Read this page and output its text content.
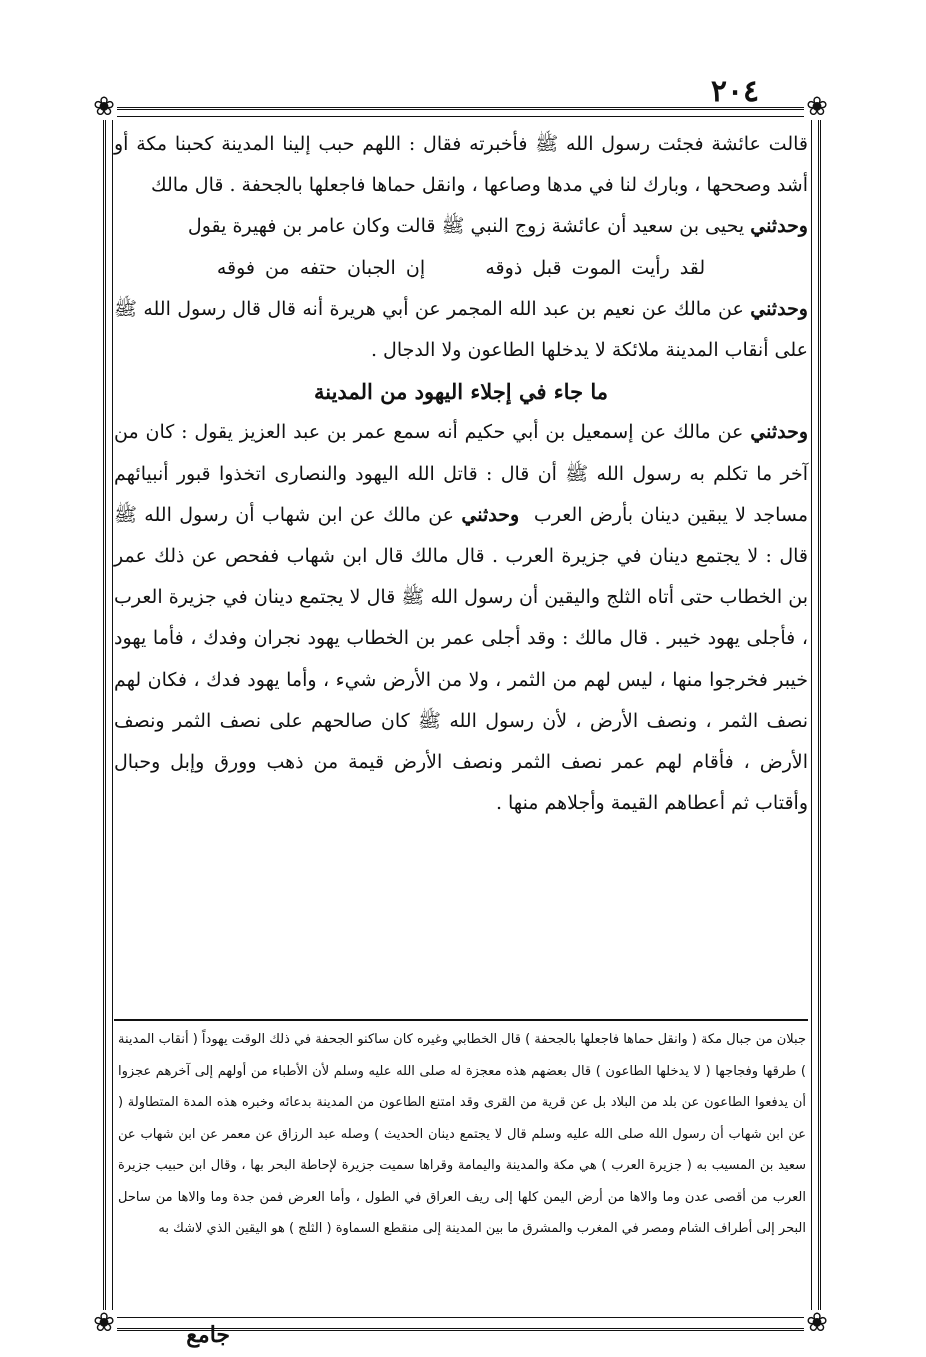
٢٠٤
❀	❀
❀	❀

قالت عائشة فجئت رسول الله ﷺ فأخبرته فقال : اللهم حبب إلينا المدينة كحبنا مكة أو أشد وصححها ، وبارك لنا في مدها وصاعها ، وانقل حماها فاجعلها بالجحفة . قال مالك

وحدثني يحيى بن سعيد أن عائشة زوج النبي ﷺ قالت وكان عامر بن فهيرة يقول

لقد رأيت الموت قبل ذوقه      إن الجبان حتفه من فوقه

وحدثني عن مالك عن نعيم بن عبد الله المجمر عن أبي هريرة أنه قال قال رسول الله ﷺ على أنقاب المدينة ملائكة لا يدخلها الطاعون ولا الدجال .

ما جاء في إجلاء اليهود من المدينة

وحدثني عن مالك عن إسمعيل بن أبي حكيم أنه سمع عمر بن عبد العزيز يقول : كان من آخر ما تكلم به رسول الله ﷺ أن قال : قاتل الله اليهود والنصارى اتخذوا قبور أنبيائهم مساجد لا يبقين دينان بأرض العرب  وحدثني عن مالك عن ابن شهاب أن رسول الله ﷺ قال : لا يجتمع دينان في جزيرة العرب . قال مالك قال ابن شهاب ففحص عن ذلك عمر بن الخطاب حتى أتاه الثلج واليقين أن رسول الله ﷺ قال لا يجتمع دينان في جزيرة العرب ، فأجلى يهود خيبر . قال مالك : وقد أجلى عمر بن الخطاب يهود نجران وفدك ، فأما يهود خيبر فخرجوا منها ، ليس لهم من الثمر ، ولا من الأرض شيء ، وأما يهود فدك ، فكان لهم نصف الثمر ، ونصف الأرض ، لأن رسول الله ﷺ كان صالحهم على نصف الثمر ونصف الأرض ، فأقام لهم عمر نصف الثمر ونصف الأرض قيمة من ذهب وورق وإبل وحبال وأقتاب ثم أعطاهم القيمة وأجلاهم منها .

جبلان من جبال مكة ( وانقل حماها فاجعلها بالجحفة ) قال الخطابي وغيره كان ساكنو الجحفة في ذلك الوقت يهوداً ( أنقاب المدينة ) طرقها وفجاجها ( لا يدخلها الطاعون ) قال بعضهم هذه معجزة له صلى الله عليه وسلم لأن الأطباء من أولهم إلى آخرهم عجزوا أن يدفعوا الطاعون عن بلد من البلاد بل عن قرية من القرى وقد امتنع الطاعون من المدينة بدعائه وخبره هذه المدة المتطاولة ( عن ابن شهاب أن رسول الله صلى الله عليه وسلم قال لا يجتمع دينان الحديث ) وصله عبد الرزاق عن معمر عن ابن شهاب عن سعيد بن المسيب به ( جزيرة العرب ) هي مكة والمدينة واليمامة وقراها سميت جزيرة لإحاطة البحر بها ، وقال ابن حبيب جزيرة العرب من أقصى عدن وما والاها من أرض اليمن كلها إلى ريف العراق في الطول ، وأما العرض فمن جدة وما والاها من ساحل البحر إلى أطراف الشام ومصر في المغرب والمشرق ما بين المدينة إلى منقطع السماوة ( الثلج ) هو اليقين الذي لاشك به

جامع
